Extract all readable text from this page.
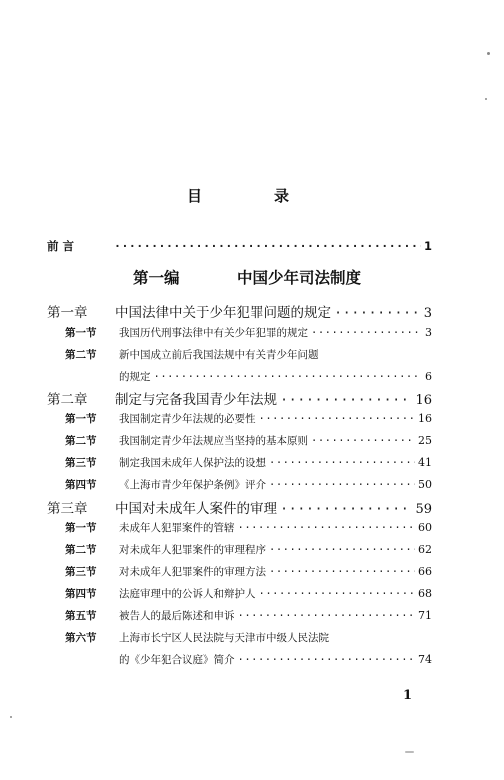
目	录
前 言 ·····	1
第一编	中国少年司法制度
第一章	中国法律中关于少年犯罪问题的规定 ·····	3
第一节	我国历代刑事法律中有关少年犯罪的规定 ·····	3
第二节	新中国成立前后我国法规中有关青少年问题
的规定 ·····	6
第二章	制定与完备我国青少年法规 ·····	16
第一节	我国制定青少年法规的必要性 ·····	16
第二节	我国制定青少年法规应当坚持的基本原则 ·····	25
第三节	制定我国未成年人保护法的设想 ·····	41
第四节	《上海市青少年保护条例》评介 ·····	50
第三章	中国对未成年人案件的审理 ·····	59
第一节	未成年人犯罪案件的管辖 ·····	60
第二节	对未成年人犯罪案件的审理程序 ·····	62
第三节	对未成年人犯罪案件的审理方法 ·····	66
第四节	法庭审理中的公诉人和辩护人 ·····	68
第五节	被告人的最后陈述和申诉 ·····	71
第六节	上海市长宁区人民法院与天津市中级人民法院
的《少年犯合议庭》简介 ·····	74
1
